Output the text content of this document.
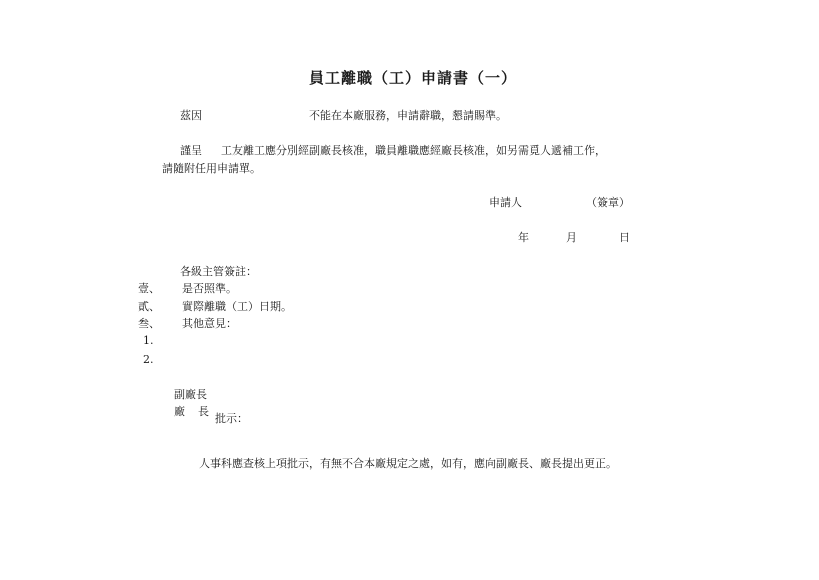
員工離職（工）申請書（一）
茲因	不能在本廠服務，申請辭職，懇請賜準。
謹呈 工友離工應分別經副廠長核准，職員離職應經廠長核准，如另需覓人遞補工作，
請隨附任用申請單。
申請人	（簽章）
年	月	日
各級主管簽註：
壹、 是否照準。
貳、 實際離職（工）日期。
叁、 其他意見：
1.
2.
副廠長
廠 長
批示：
人事科應查核上項批示，有無不合本廠規定之處，如有，應向副廠長、廠長提出更正。
